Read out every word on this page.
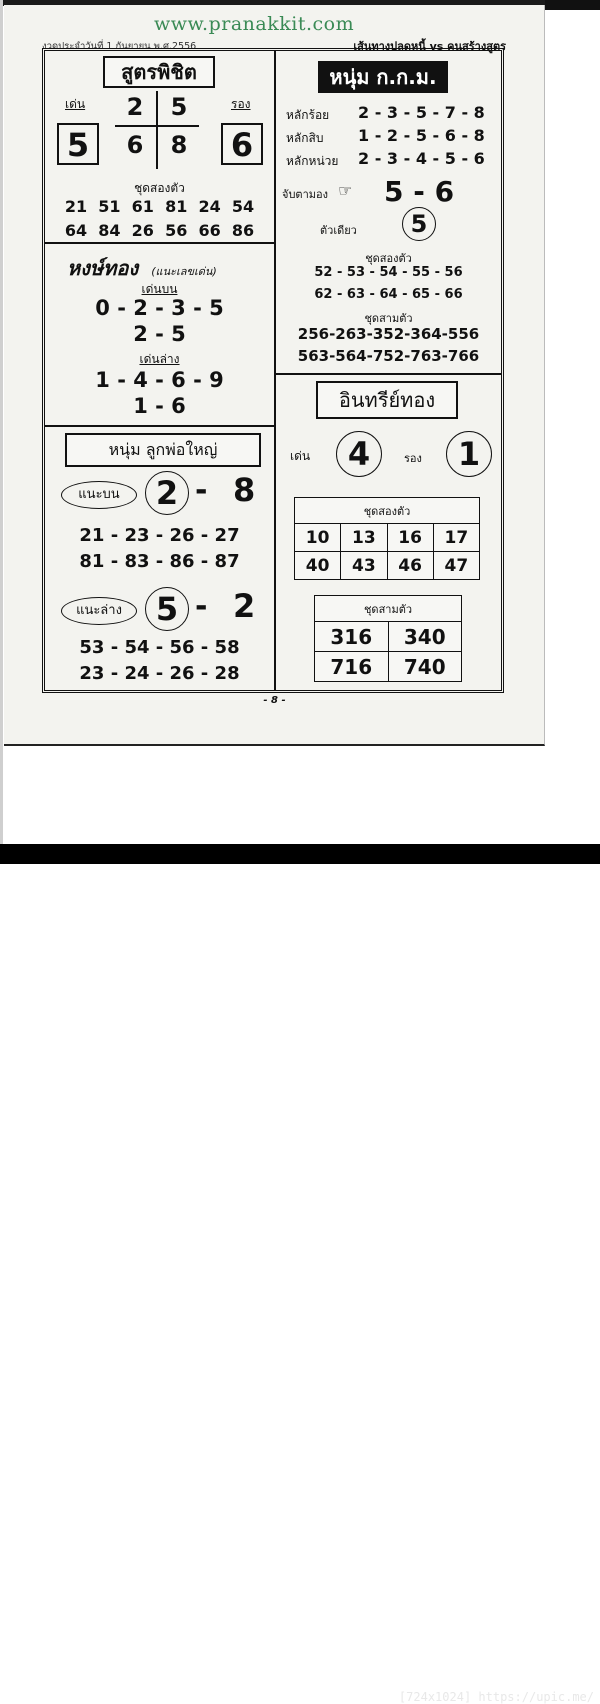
www.pranakkit.com
งวดประจำวันที่ 1 กันยายน พ.ศ.2556	เส้นทางปลดหนี้ vs คนสร้างสูตร
สูตรพิชิต
เด่น
5
รอง
6
2	5
6	8
ชุดสองตัว
21  51  61  81  24  54
64  84  26  56  66  86
หงษ์ทอง (แนะเลขเด่น)
เด่นบน
0 - 2 - 3 - 5
2 - 5
เด่นล่าง
1 - 4 - 6 - 9
1 - 6
หนุ่ม ลูกพ่อใหญ่
แนะบน	2 - 8
21 - 23 - 26 - 27
81 - 83 - 86 - 87
แนะล่าง	5 - 2
53 - 54 - 56 - 58
23 - 24 - 26 - 28
หนุ่ม ก.ก.ม.
หลักร้อย 2 - 3 - 5 - 7 - 8
หลักสิบ 1 - 2 - 5 - 6 - 8
หลักหน่วย 2 - 3 - 4 - 5 - 6
จับตามอง ☞ 5 - 6
ตัวเดียว	5
ชุดสองตัว
52 - 53 - 54 - 55 - 56
62 - 63 - 64 - 65 - 66
ชุดสามตัว
256-263-352-364-556
563-564-752-763-766
อินทรีย์ทอง
เด่น	4	รอง	1
ชุดสองตัว			
10	13	16	17
40	43	46	47
ชุดสามตัว	
316	340
716	740
- 8 -
[724x1024] https://upic.me/
